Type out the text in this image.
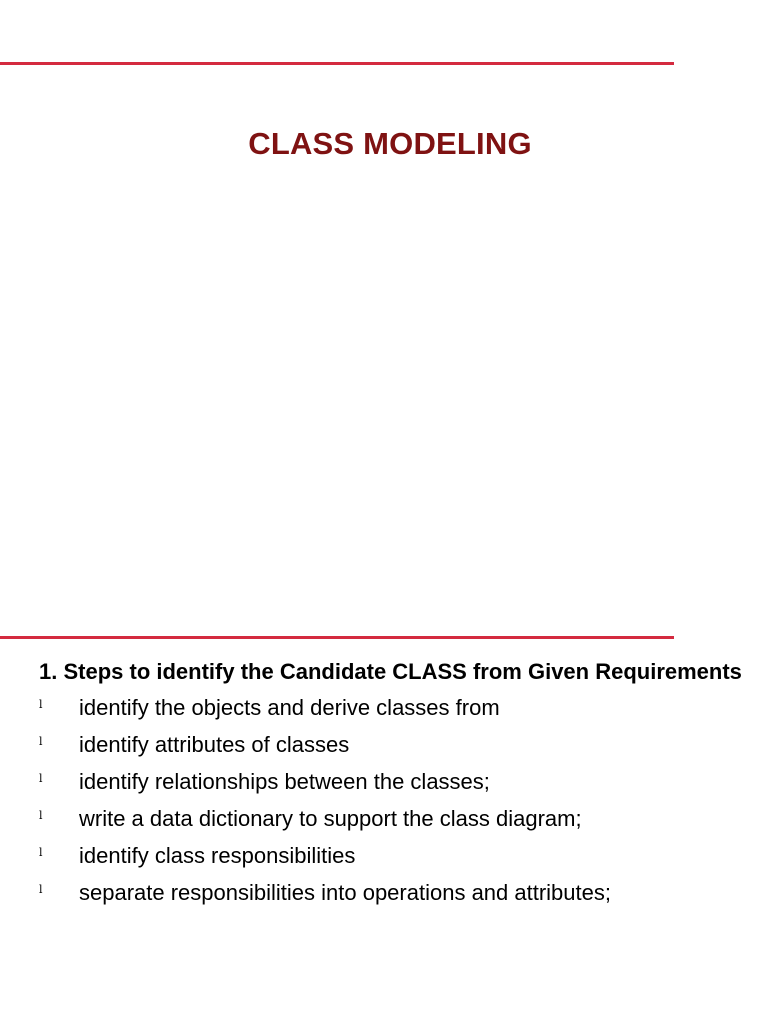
CLASS MODELING
1. Steps to identify the Candidate CLASS from Given Requirements
l identify the objects and derive classes from
l identify attributes of classes
l identify relationships between the classes;
l write a data dictionary to support the class diagram;
l identify class responsibilities
l separate responsibilities into operations and attributes;
